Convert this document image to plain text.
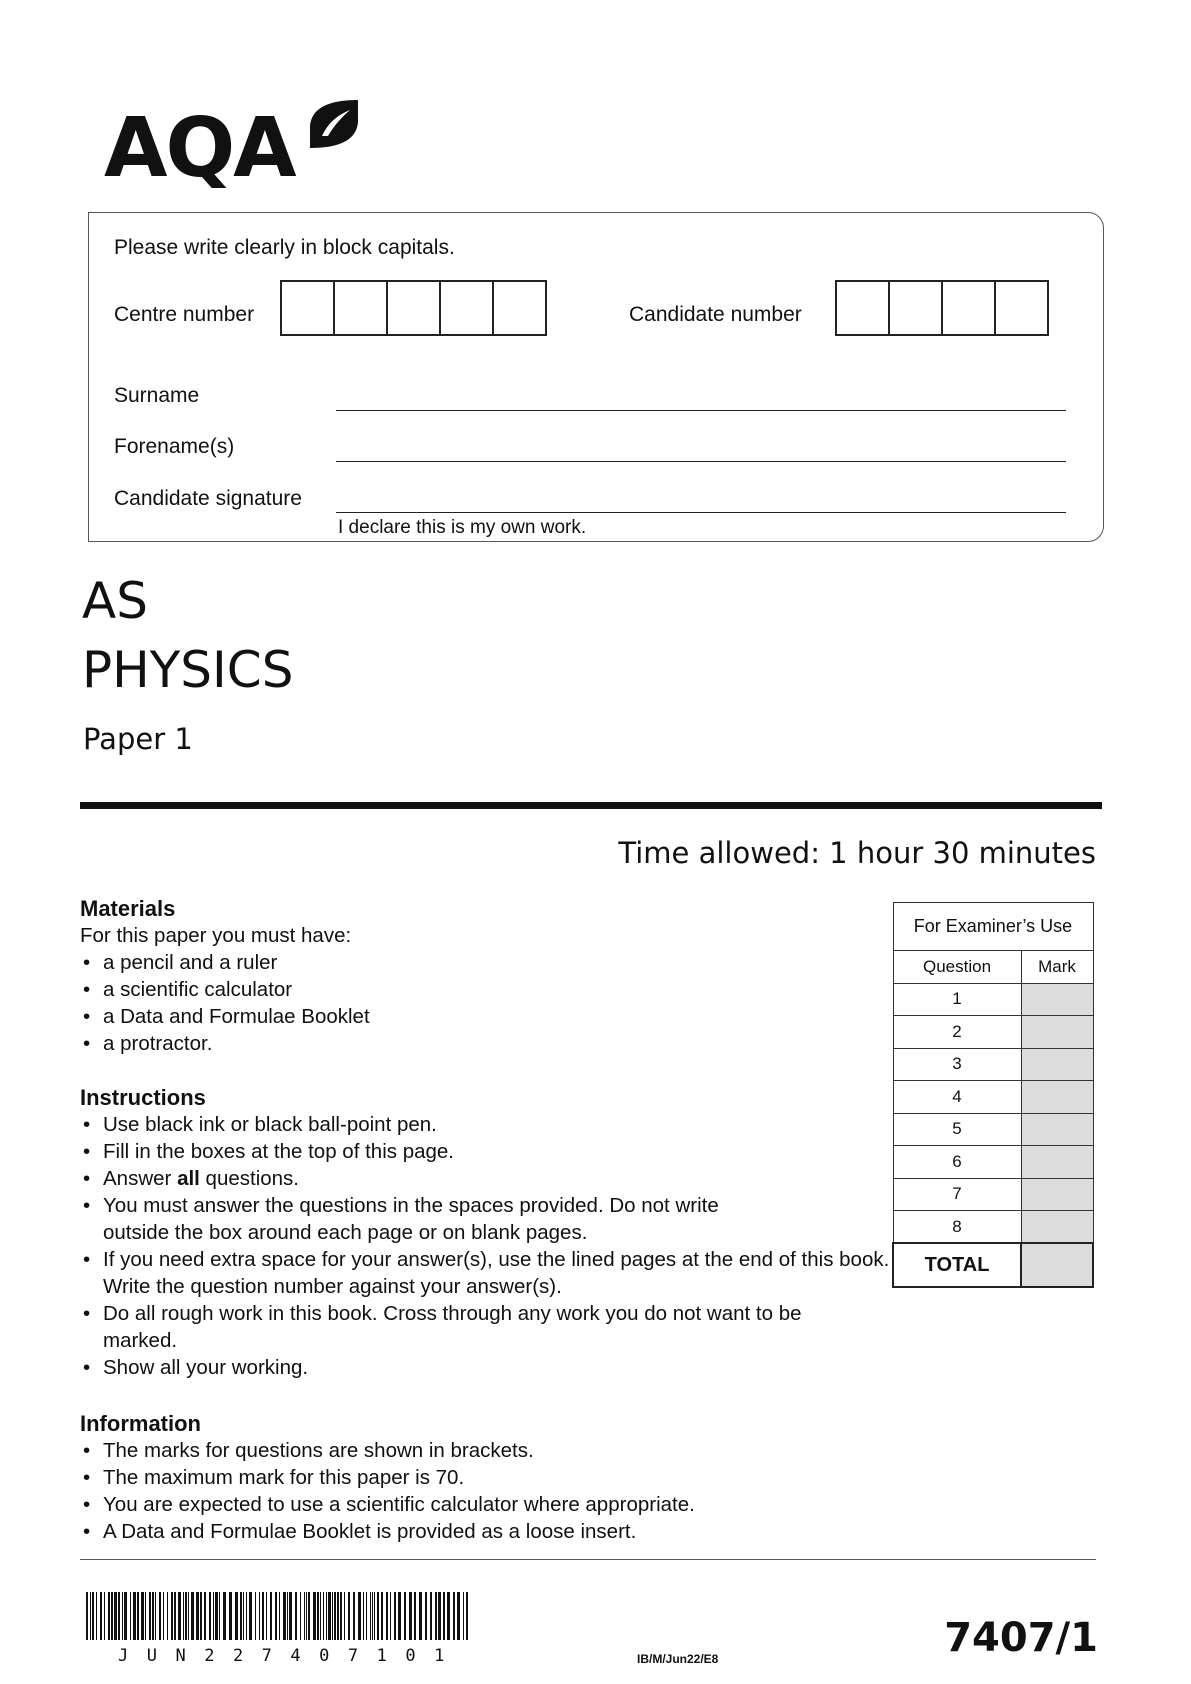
AQA
Please write clearly in block capitals.
Centre number	Candidate number
Surname
Forename(s)
Candidate signature
I declare this is my own work.
AS
PHYSICS
Paper 1
Time allowed: 1 hour 30 minutes
Materials
For this paper you must have:
• a pencil and a ruler
• a scientific calculator
• a Data and Formulae Booklet
• a protractor.
Instructions
• Use black ink or black ball-point pen.
• Fill in the boxes at the top of this page.
• Answer all questions.
• You must answer the questions in the spaces provided. Do not write outside the box around each page or on blank pages.
• If you need extra space for your answer(s), use the lined pages at the end of this book. Write the question number against your answer(s).
• Do all rough work in this book. Cross through any work you do not want to be marked.
• Show all your working.
Information
• The marks for questions are shown in brackets.
• The maximum mark for this paper is 70.
• You are expected to use a scientific calculator where appropriate.
• A Data and Formulae Booklet is provided as a loose insert.
For Examiner’s Use	
Question	Mark
1	
2	
3	
4	
5	
6	
7	
8	
TOTAL	
JUN227407101	IB/M/Jun22/E8	7407/1
